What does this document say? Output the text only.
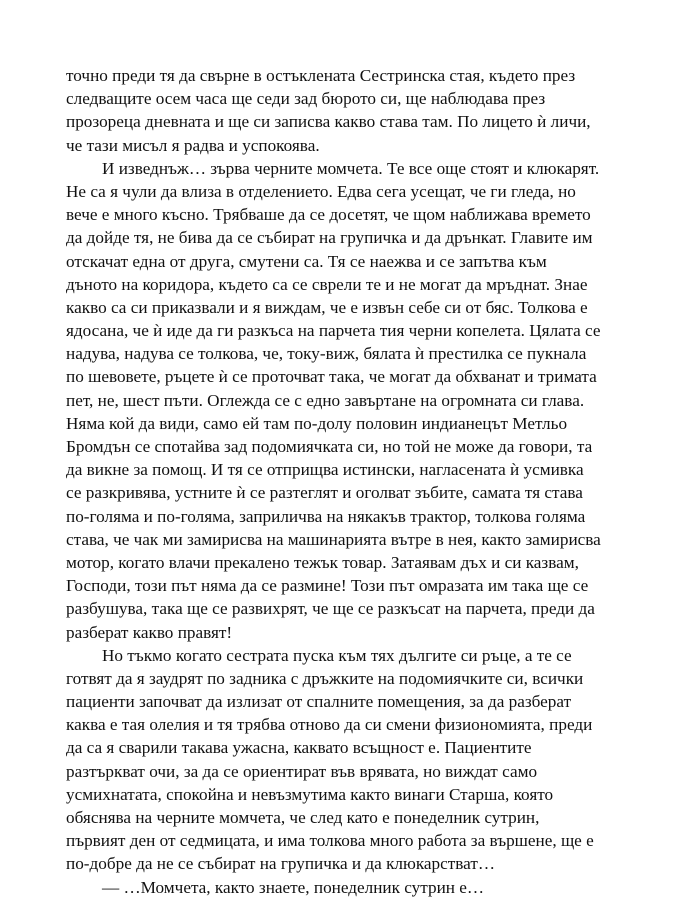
точно преди тя да свърне в остъклената Сестринска стая, където през
следващите осем часа ще седи зад бюрото си, ще наблюдава през
прозореца дневната и ще си записва какво става там. По лицето ѝ личи,
че тази мисъл я радва и успокоява.
И изведнъж… зърва черните момчета. Те все още стоят и клюкарят.
Не са я чули да влиза в отделението. Едва сега усещат, че ги гледа, но
вече е много късно. Трябваше да се досетят, че щом наближава времето
да дойде тя, не бива да се събират на групичка и да дрънкат. Главите им
отскачат една от друга, смутени са. Тя се наежва и се запътва към
дъното на коридора, където са се сврели те и не могат да мръднат. Знае
какво са си приказвали и я виждам, че е извън себе си от бяс. Толкова е
ядосана, че ѝ иде да ги разкъса на парчета тия черни копелета. Цялата се
надува, надува се толкова, че, току-виж, бялата ѝ престилка се пукнала
по шевовете, ръцете ѝ се проточват така, че могат да обхванат и тримата
пет, не, шест пъти. Оглежда се с едно завъртане на огромната си глава.
Няма кой да види, само ей там по-долу половин индианецът Метльо
Бромдън се спотайва зад подомиячката си, но той не може да говори, та
да викне за помощ. И тя се отприщва истински, нагласената ѝ усмивка
се разкривява, устните ѝ се разтеглят и оголват зъбите, самата тя става
по-голяма и по-голяма, заприличва на някакъв трактор, толкова голяма
става, че чак ми замирисва на машинарията вътре в нея, както замирисва
мотор, когато влачи прекалено тежък товар. Затаявам дъх и си казвам,
Господи, този път няма да се размине! Този път омразата им така ще се
разбушува, така ще се развихрят, че ще се разкъсат на парчета, преди да
разберат какво правят!
Но тъкмо когато сестрата пуска към тях дългите си ръце, а те се
готвят да я заудрят по задника с дръжките на подомиячките си, всички
пациенти започват да излизат от спалните помещения, за да разберат
каква е тая олелия и тя трябва отново да си смени физиономията, преди
да са я сварили такава ужасна, каквато всъщност е. Пациентите
разтъркват очи, за да се ориентират във врявата, но виждат само
усмихнатата, спокойна и невъзмутима както винаги Старша, която
обяснява на черните момчета, че след като е понеделник сутрин,
първият ден от седмицата, и има толкова много работа за вършене, ще е
по-добре да не се събират на групичка и да клюкарстват…
— …Момчета, както знаете, понеделник сутрин е…
